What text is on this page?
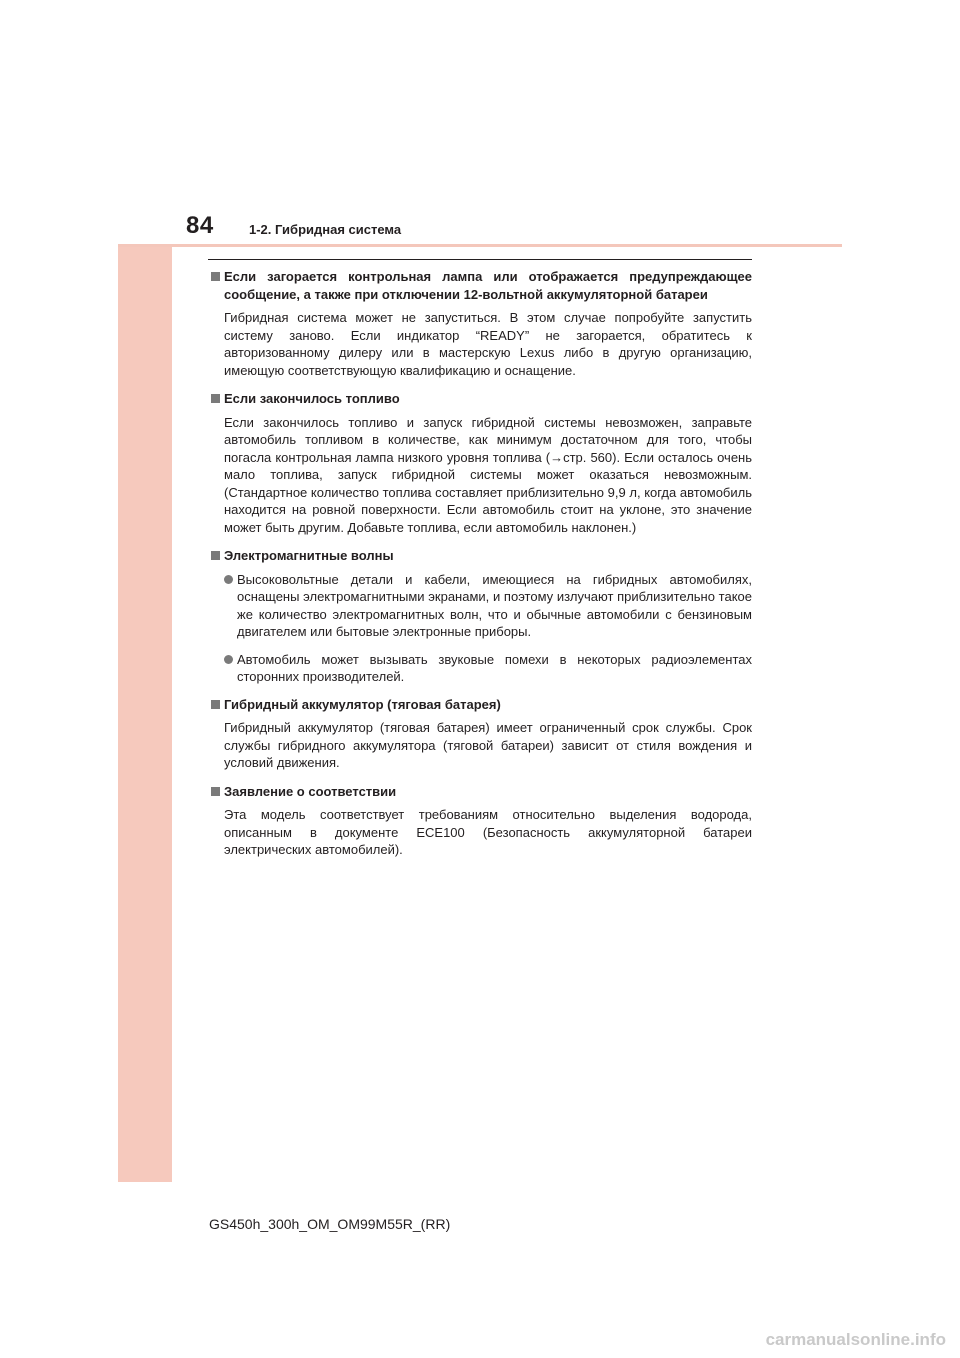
84	1-2. Гибридная система
Если загорается контрольная лампа или отображается предупреждающее сообщение, а также при отключении 12-вольтной аккумуляторной батареи
Гибридная система может не запуститься. В этом случае попробуйте запустить систему заново. Если индикатор “READY” не загорается, обратитесь к авторизованному дилеру или в мастерскую Lexus либо в другую организацию, имеющую соответствующую квалификацию и оснащение.
Если закончилось топливо
Если закончилось топливо и запуск гибридной системы невозможен, заправьте автомобиль топливом в количестве, как минимум достаточном для того, чтобы погасла контрольная лампа низкого уровня топлива (→стр. 560). Если осталось очень мало топлива, запуск гибридной системы может оказаться невозможным. (Стандартное количество топлива составляет приблизительно 9,9 л, когда автомобиль находится на ровной поверхности. Если автомобиль стоит на уклоне, это значение может быть другим. Добавьте топлива, если автомобиль наклонен.)
Электромагнитные волны
Высоковольтные детали и кабели, имеющиеся на гибридных автомобилях, оснащены электромагнитными экранами, и поэтому излучают приблизительно такое же количество электромагнитных волн, что и обычные автомобили с бензиновым двигателем или бытовые электронные приборы.
Автомобиль может вызывать звуковые помехи в некоторых радиоэлементах сторонних производителей.
Гибридный аккумулятор (тяговая батарея)
Гибридный аккумулятор (тяговая батарея) имеет ограниченный срок службы. Срок службы гибридного аккумулятора (тяговой батареи) зависит от стиля вождения и условий движения.
Заявление о соответствии
Эта модель соответствует требованиям относительно выделения водорода, описанным в документе ECE100 (Безопасность аккумуляторной батареи электрических автомобилей).
GS450h_300h_OM_OM99M55R_(RR)
carmanualsonline.info
